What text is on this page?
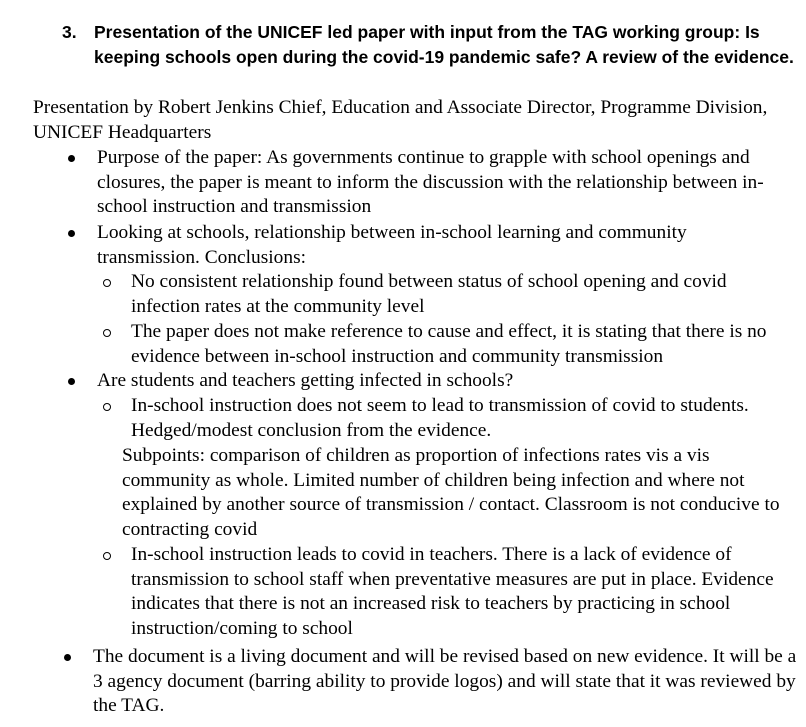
3. Presentation of the UNICEF led paper with input from the TAG working group: Is keeping schools open during the covid-19 pandemic safe? A review of the evidence.
Presentation by Robert Jenkins Chief, Education and Associate Director, Programme Division, UNICEF Headquarters
Purpose of the paper: As governments continue to grapple with school openings and closures, the paper is meant to inform the discussion with the relationship between in-school instruction and transmission
Looking at schools, relationship between in-school learning and community transmission. Conclusions:
No consistent relationship found between status of school opening and covid infection rates at the community level
The paper does not make reference to cause and effect, it is stating that there is no evidence between in-school instruction and community transmission
Are students and teachers getting infected in schools?
In-school instruction does not seem to lead to transmission of covid to students. Hedged/modest conclusion from the evidence.
Subpoints: comparison of children as proportion of infections rates vis a vis community as whole. Limited number of children being infection and where not explained by another source of transmission / contact. Classroom is not conducive to contracting covid
In-school instruction leads to covid in teachers. There is a lack of evidence of transmission to school staff when preventative measures are put in place. Evidence indicates that there is not an increased risk to teachers by practicing in school instruction/coming to school
The document is a living document and will be revised based on new evidence. It will be a 3 agency document (barring ability to provide logos) and will state that it was reviewed by the TAG.
